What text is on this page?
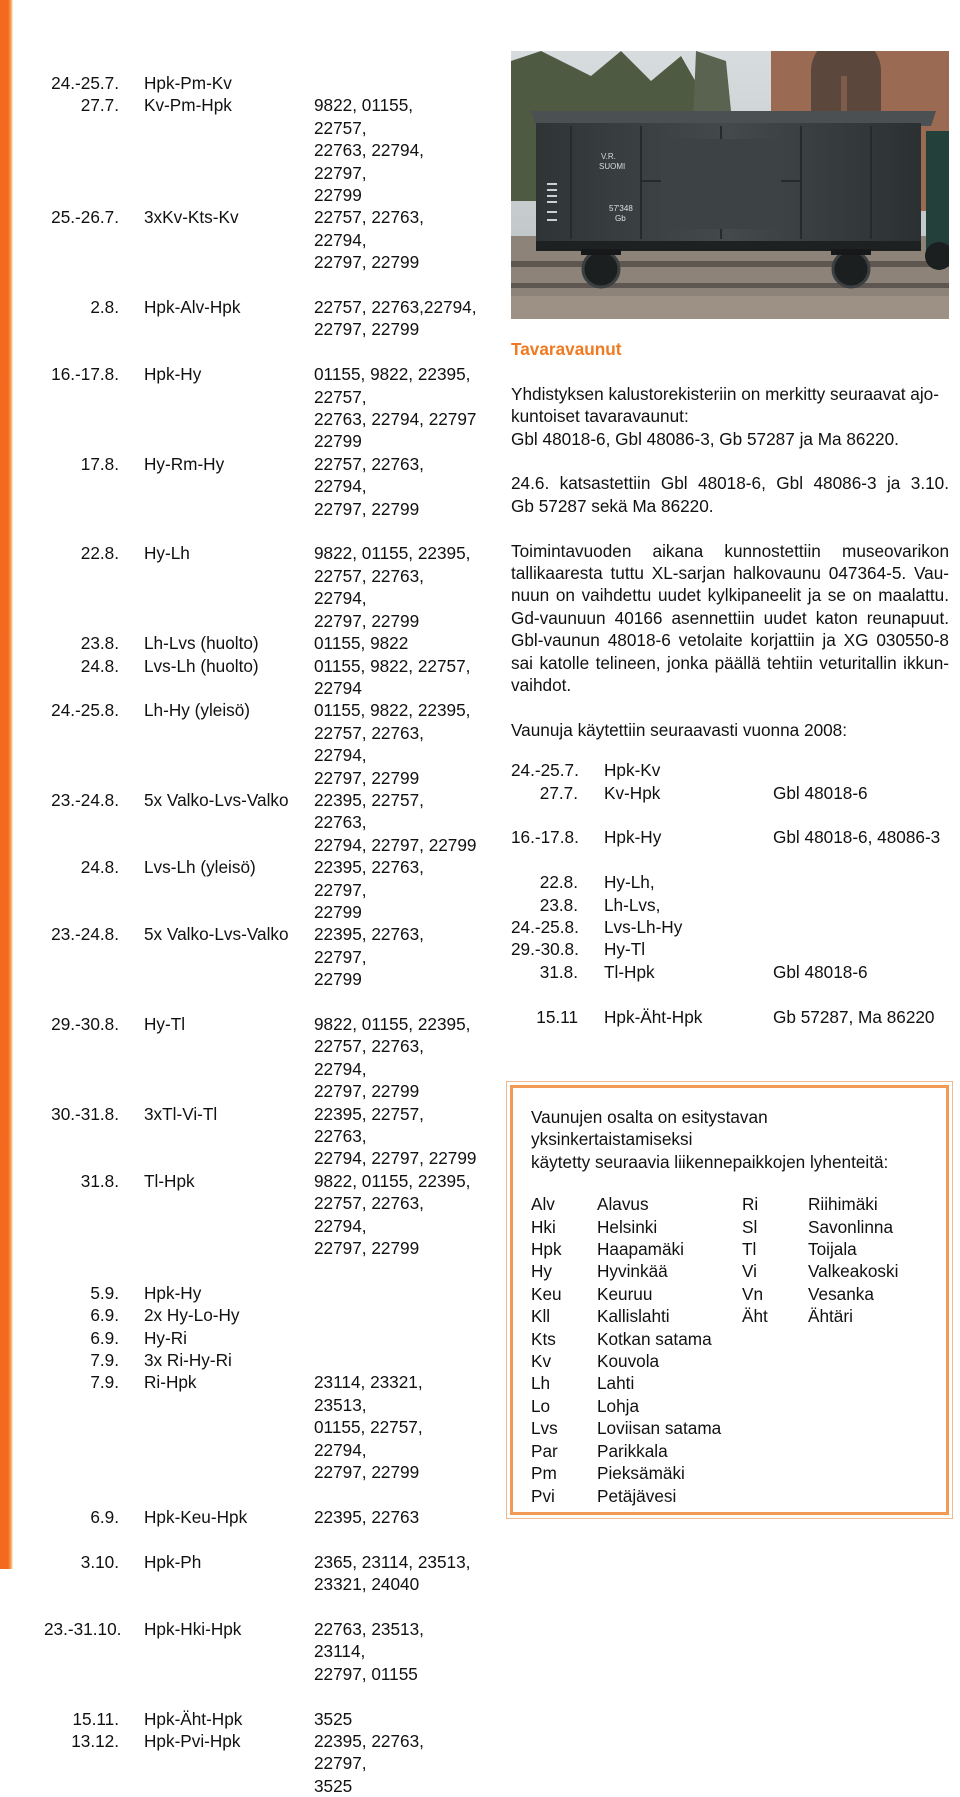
24.-25.7.	Hpk-Pm-Kv
27.7.	Kv-Pm-Hpk	9822, 01155,
22757,
22763, 22794, 22797,
22799
25.-26.7.	3xKv-Kts-Kv	22757, 22763, 22794,
22797, 22799
2.8.	Hpk-Alv-Hpk	22757, 22763,22794,
22797, 22799
16.-17.8.	Hpk-Hy	01155, 9822, 22395,
22757,
22763, 22794, 22797
22799
17.8.	Hy-Rm-Hy	22757, 22763, 22794,
22797, 22799
22.8.	Hy-Lh	9822, 01155, 22395,
22757, 22763, 22794,
22797, 22799
23.8.	Lh-Lvs (huolto)	01155, 9822
24.8.	Lvs-Lh (huolto)	01155, 9822, 22757,
22794
24.-25.8.	Lh-Hy (yleisö)	01155, 9822, 22395,
22757, 22763, 22794,
22797, 22799
23.-24.8.	5x Valko-Lvs-Valko	22395, 22757, 22763,
22794, 22797, 22799
24.8.	Lvs-Lh (yleisö)	22395, 22763, 22797,
22799
23.-24.8.	5x Valko-Lvs-Valko	22395, 22763, 22797,
22799
29.-30.8.	Hy-Tl	9822, 01155, 22395,
22757, 22763, 22794,
22797, 22799
30.-31.8.	3xTl-Vi-Tl	22395, 22757, 22763,
22794, 22797, 22799
31.8.	Tl-Hpk	9822, 01155, 22395,
22757, 22763, 22794,
22797, 22799
5.9.	Hpk-Hy
6.9.	2x Hy-Lo-Hy
6.9.	Hy-Ri
7.9.	3x Ri-Hy-Ri
7.9.	Ri-Hpk	23114, 23321, 23513,
01155, 22757, 22794,
22797, 22799
6.9.	Hpk-Keu-Hpk	22395, 22763
3.10.	Hpk-Ph	2365, 23114, 23513,
23321, 24040
23.-31.10.	Hpk-Hki-Hpk	22763, 23513, 23114,
22797, 01155
15.11.	Hpk-Äht-Hpk	3525
13.12.	Hpk-Pvi-Hpk	22395, 22763, 22797,
3525
V.R.
SUOMI
57'348
Gb

Tavaravaunut

Yhdistyksen kalustorekisteriin on merkitty seuraavat ajo-
kuntoiset tavaravaunut:
Gbl 48018-6, Gbl 48086-3, Gb 57287 ja Ma 86220.

24.6. katsastettiin Gbl 48018-6, Gbl 48086-3 ja 3.10.
Gb 57287 sekä Ma 86220.

Toimintavuoden aikana kunnostettiin museovarikon
tallikaaresta tuttu XL-sarjan halkovaunu 047364-5. Vau-
nuun on vaihdettu uudet kylkipaneelit ja se on maalattu.
Gd-vaunuun 40166 asennettiin uudet katon reunapuut.
Gbl-vaunun 48018-6 vetolaite korjattiin ja XG 030550-8
sai katolle telineen, jonka päällä tehtiin veturitallin ikkun-
vaihdot.

Vaunuja käytettiin seuraavasti vuonna 2008:

24.-25.7.	Hpk-Kv
27.7.	Kv-Hpk	Gbl 48018-6
16.-17.8.	Hpk-Hy	Gbl 48018-6, 48086-3
22.8.	Hy-Lh,
23.8.	Lh-Lvs,
24.-25.8.	Lvs-Lh-Hy
29.-30.8.	Hy-Tl
31.8.	Tl-Hpk	Gbl 48018-6
15.11	Hpk-Äht-Hpk	Gb 57287, Ma 86220

Vaunujen osalta on esitystavan yksinkertaistamiseksi
käytetty seuraavia liikennepaikkojen lyhenteitä:

Alv	Alavus
Hki	Helsinki
Hpk	Haapamäki
Hy	Hyvinkää
Keu	Keuruu
Kll	Kallislahti
Kts	Kotkan satama
Kv	Kouvola
Lh	Lahti
Lo	Lohja
Lvs	Loviisan satama
Par	Parikkala
Pm	Pieksämäki
Pvi	Petäjävesi
Ri	Riihimäki
Sl	Savonlinna
Tl	Toijala
Vi	Valkeakoski
Vn	Vesanka
Äht	Ähtäri
